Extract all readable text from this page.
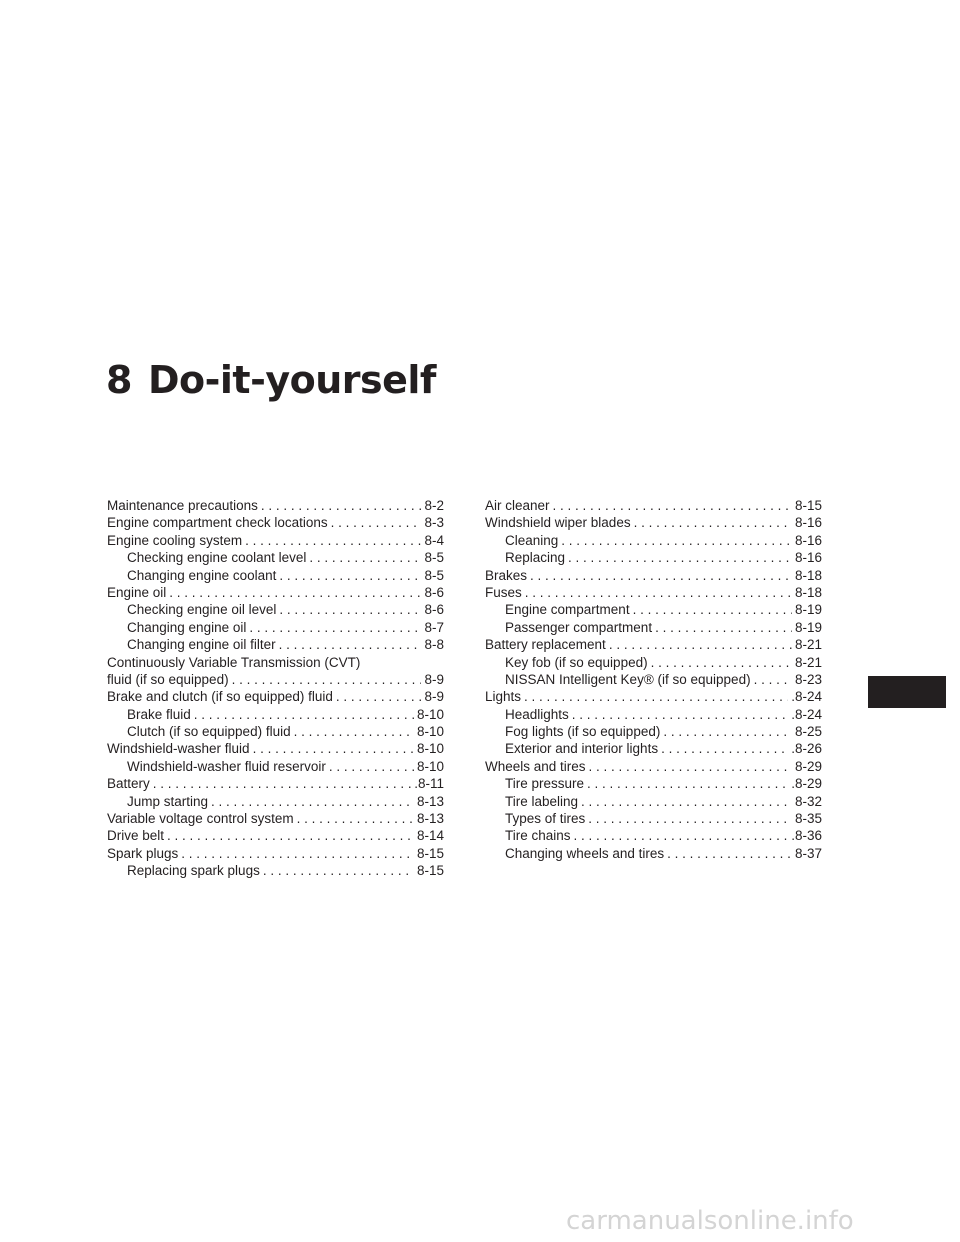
8 Do-it-yourself
Maintenance precautions . . .	8-2
Engine compartment check locations . . .	8-3
Engine cooling system . . .	8-4
Checking engine coolant level . . .	8-5
Changing engine coolant . . .	8-5
Engine oil . . .	8-6
Checking engine oil level . . .	8-6
Changing engine oil . . .	8-7
Changing engine oil filter . . .	8-8
Continuously Variable Transmission (CVT)
fluid (if so equipped) . . .	8-9
Brake and clutch (if so equipped) fluid . . .	8-9
Brake fluid . . .	8-10
Clutch (if so equipped) fluid . . .	8-10
Windshield-washer fluid . . .	8-10
Windshield-washer fluid reservoir . . .	8-10
Battery . . .	.8-11
Jump starting . . .	8-13
Variable voltage control system . . .	8-13
Drive belt . . .	8-14
Spark plugs . . .	8-15
Replacing spark plugs . . .	8-15
Air cleaner . . .	8-15
Windshield wiper blades . . .	8-16
Cleaning . . .	8-16
Replacing . . .	8-16
Brakes . . .	8-18
Fuses . . .	8-18
Engine compartment . . .	8-19
Passenger compartment . . .	8-19
Battery replacement . . .	8-21
Key fob (if so equipped) . . .	8-21
NISSAN Intelligent Key® (if so equipped) . . .	8-23
Lights . . .	.8-24
Headlights . . .	.8-24
Fog lights (if so equipped) . . .	8-25
Exterior and interior lights . . .	.8-26
Wheels and tires . . .	8-29
Tire pressure . . .	.8-29
Tire labeling . . .	8-32
Types of tires . . .	8-35
Tire chains . . .	.8-36
Changing wheels and tires . . .	8-37
carmanualsonline.info
